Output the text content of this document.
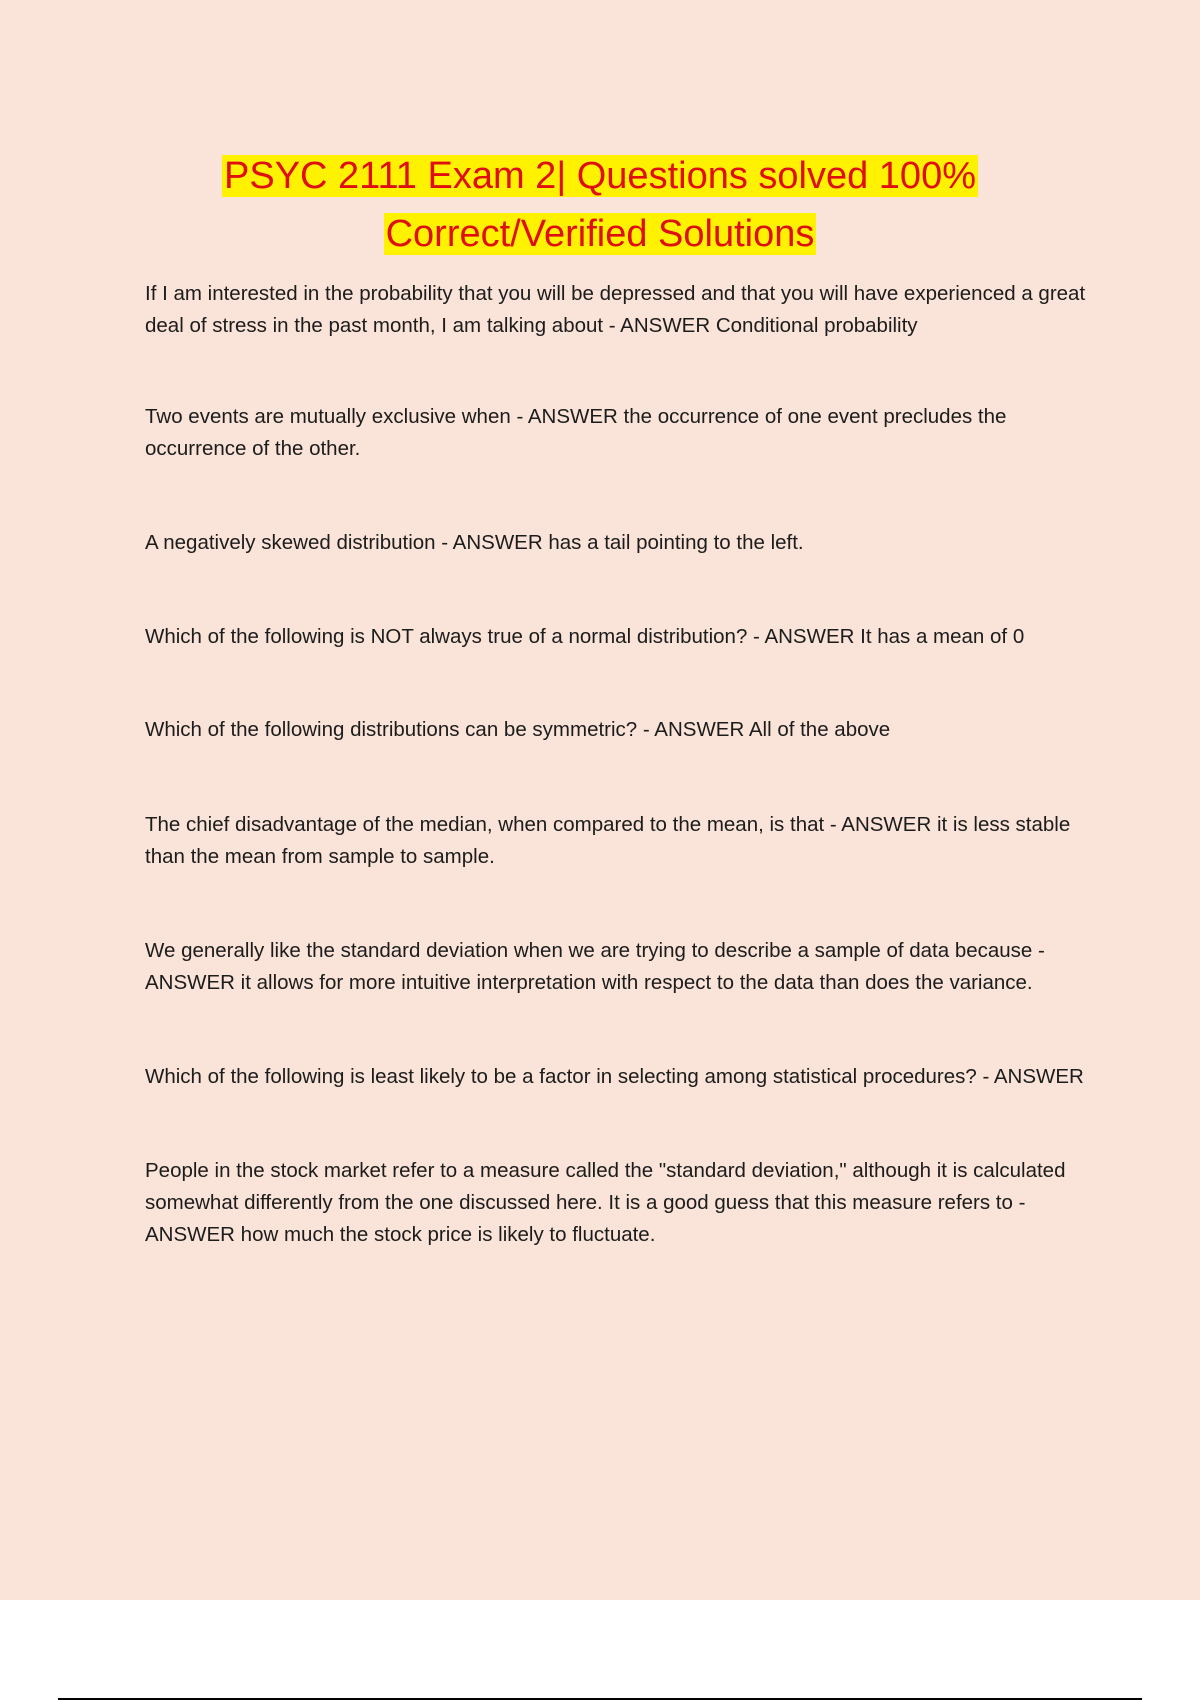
PSYC 2111 Exam 2| Questions solved 100%
Correct/Verified Solutions

If I am interested in the probability that you will be depressed and that you will have experienced a great deal of stress in the past month, I am talking about - ANSWER Conditional probability

Two events are mutually exclusive when - ANSWER the occurrence of one event precludes the occurrence of the other.

A negatively skewed distribution - ANSWER has a tail pointing to the left.

Which of the following is NOT always true of a normal distribution? - ANSWER It has a mean of 0

Which of the following distributions can be symmetric? - ANSWER All of the above

The chief disadvantage of the median, when compared to the mean, is that - ANSWER it is less stable than the mean from sample to sample.

We generally like the standard deviation when we are trying to describe a sample of data because - ANSWER it allows for more intuitive interpretation with respect to the data than does the variance.

Which of the following is least likely to be a factor in selecting among statistical procedures? - ANSWER

People in the stock market refer to a measure called the "standard deviation," although it is calculated somewhat differently from the one discussed here. It is a good guess that this measure refers to - ANSWER how much the stock price is likely to fluctuate.
